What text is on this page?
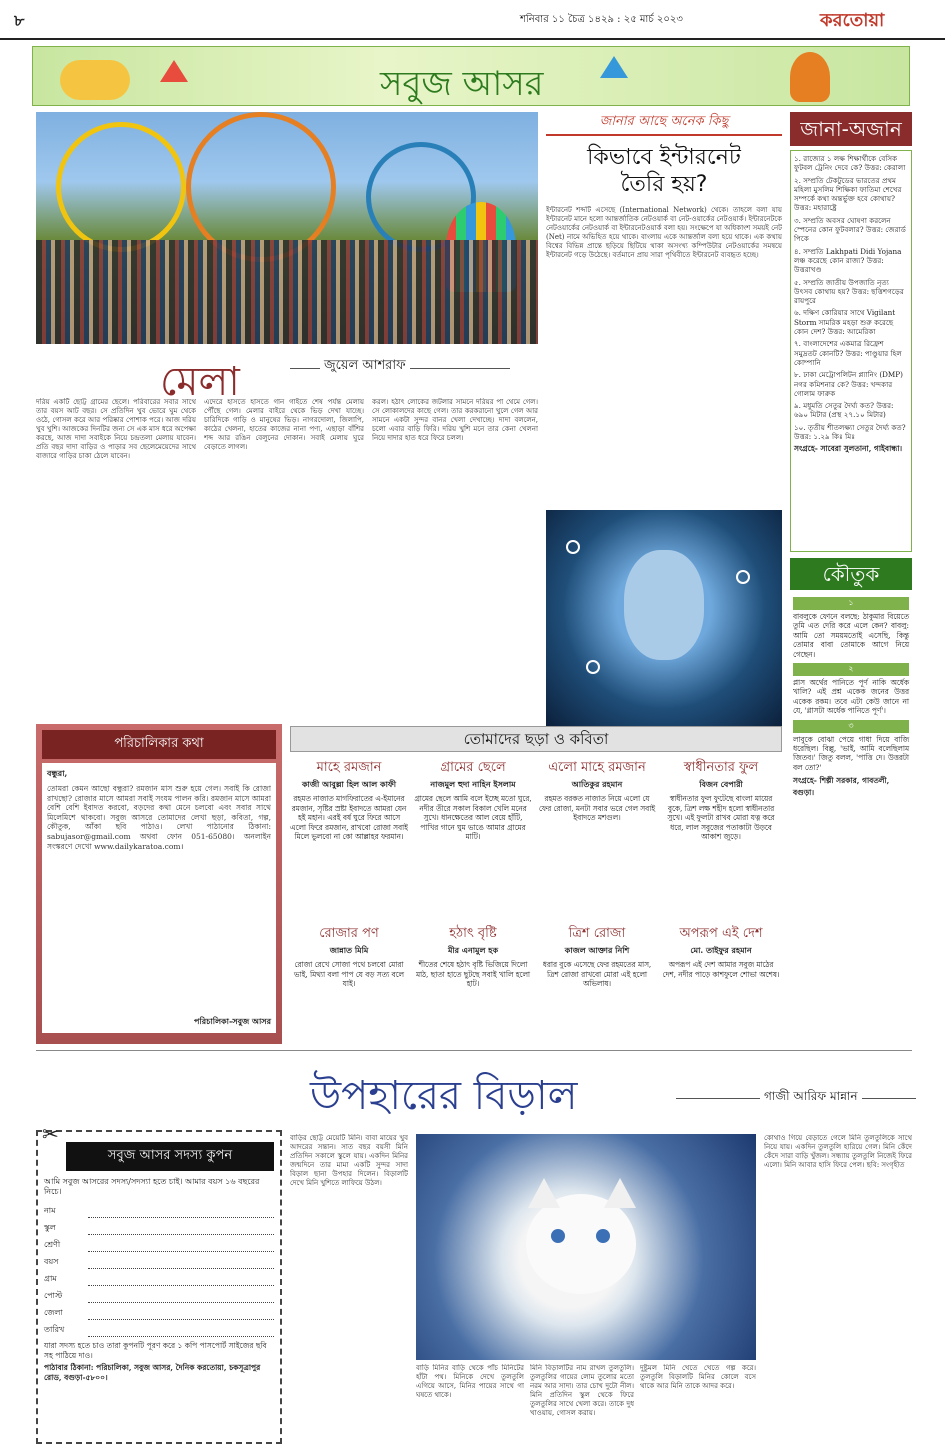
৮	শনিবার ১১ চৈত্র ১৪২৯ : ২৫ মার্চ ২০২৩	করতোয়া
সবুজ আসর
মেলা	জুয়েল আশরাফ
দরিয় একটি ছোট্ট গ্রামের ছেলে। পরিবারের সবার সাথে তার বয়স আট বছর। সে প্রতিদিন খুব ভোরে ঘুম থেকে ওঠে, গোসল করে আর পরিষ্কার পোশাক পরে। আজ দরিয় খুব খুশি। আজকের দিনটির জন্য সে এক মাস ধরে অপেক্ষা করছে, আজ দাদা সবাইকে নিয়ে চন্দ্রতলা মেলায় যাবেন। প্রতি বছর দাদা বাড়ির ও পাড়ার সব ছেলেমেয়েদের সাথে বাজারে গাড়ির চাকা ঠেলে যাবেন।
এদেরে হাসতে হাসতে গান গাইতে শেষ পর্যন্ত মেলায় পৌঁছে গেল। মেলার বাইরে থেকে ভিড় দেখা যাচ্ছে। চারিদিকে গাড়ি ও মানুষের ভিড়। নাগরদোলা, জিলাপি, কাঠের খেলনা, হাতের কাজের নানা পণ্য, এছাড়া বাঁশির শব্দ আর রঙিন বেলুনের দোকান। সবাই মেলায় ঘুরে বেড়াতে লাগল।
করল। হঠাৎ লোকের জটলার সামনে দরিয়র পা থেমে গেল। সে লোকালদের কাছে গেল। তার করকরানো খুলে গেল আর সামনে একটা সুন্দর বানর খেলা দেখাচ্ছে। দাদা বললেন, চলো এবার বাড়ি ফিরি। দরিয় খুশি মনে তার কেনা খেলনা নিয়ে দাদার হাত ধরে ফিরে চলল।
জানার আছে অনেক কিছু
কিভাবে ইন্টারনেট
তৈরি হয়?
ইন্টারনেট শব্দটি এসেছে (International Network) থেকে। তাহলে বলা যায় ইন্টারনেট মানে হলো আন্তর্জাতিক নেটওয়ার্ক বা নেট-ওয়ার্কের নেটওয়ার্ক। ইন্টারনেটকে নেটওয়ার্কের নেটওয়ার্ক বা ইন্টারনেটওয়ার্ক বলা হয়। সংক্ষেপে যা অধিকাংশ সময়ই নেট (Net) নামে অভিহিত হয়ে থাকে। বাংলায় একে আন্তর্জাল বলা হয়ে থাকে। এক কথায় বিশ্বের বিভিন্ন প্রান্তে ছড়িয়ে ছিটিয়ে থাকা অসংখ্য কম্পিউটার নেটওয়ার্কের সমন্বয়ে ইন্টারনেট গড়ে উঠেছে। বর্তমানে প্রায় সারা পৃথিবীতে ইন্টারনেট ব্যবহৃত হচ্ছে।
জানা-অজান
১. রাজ্যের ১ লক্ষ শিক্ষার্থীকে বেসিক ফুটবল ট্রেনিং দেবে কে? উত্তর: কেরালা
২. সম্প্রতি টেকটুডের ভারতের প্রথম মহিলা মুসলিম শিক্ষিকা ফাতিমা শেখের সম্পর্কে কথা অন্তর্ভুক্ত হবে কোথায়? উত্তর: মহারাষ্ট্রে
৩. সম্প্রতি অবসর ঘোষণা করলেন স্পেনের কোন ফুটবলার? উত্তর: জেরার্ড পিকে
৪. সম্প্রতি Lakhpati Didi Yojana লঞ্চ করেছে কোন রাজ্য? উত্তর: উত্তরাখণ্ড
৫. সম্প্রতি জাতীয় উপজাতি নৃত্য উৎসব কোথায় হয়? উত্তর: ছত্তিশগড়ের রায়পুরে
৬. দক্ষিণ কোরিয়ার সাথে Vigilant Storm সামরিক মহড়া শুরু করেছে কোন দেশ? উত্তর: আমেরিকা
৭. বাংলাদেশের একমাত্র রিফ্রেশ সমুদ্রতট কোনটি? উত্তর: পাণ্ডুয়ার হিল কোম্পানি
৮. ঢাকা মেট্রোপলিটন প্ল্যানিং (DMP) নগর কমিশনার কে? উত্তর: খন্দকার গোলাম ফারুক
৯. মধুমতি সেতুর দৈর্ঘ্য কত? উত্তর: ৬৯০ মিটার (প্রস্থ ২৭.১০ মিটার)
১০. তৃতীয় শীতলক্ষ্যা সেতুর দৈর্ঘ্য কত? উত্তর: ১.২৯ কিঃ মিঃ
সংগ্রহে- সাবেরা সুলতানা, গাইবান্ধা।
কৌতুক
১
বাবলুকে ফোনে বলছে: ঠাকুমার বিয়েতে তুমি এত দেরি করে এলে কেন? বাবলু: আমি তো সময়মতোই এসেছি, কিন্তু তোমার বাবা তোমাকে আগে নিয়ে গেছেন।
২
প্লাস অর্থের পানিতে পূর্ণ নাকি অর্ধেক খালি? এই প্রশ্ন একেক জনের উত্তর একেক রকম। তবে এটা কেউ জানে না যে, 'গ্লাসটা অর্ধেক পানিতে পূর্ণ'।
৩
লাবুকে বোঝা পেয়ে গাধা দিয়ে বাজি ধরেছিল। বিল্লু, 'ভাই, আমি বলেছিলাম জিতব।' জিতু বলল, 'পাত্তি দে। উত্তরটা বল তো?'
সংগ্রহে- শিল্পী সরকার, গাবতলী, বগুড়া।
পরিচালিকার কথা
বন্ধুরা,
তোমরা কেমন আছো বন্ধুরা? রমজান মাস শুরু হয়ে গেল। সবাই কি রোজা রাখছো? রোজার মাসে আমরা সবাই সংযম পালন করি। রমজান মাসে আমরা বেশি বেশি ইবাদত করবো, বড়দের কথা মেনে চলবো এবং সবার সাথে মিলেমিশে থাকবো। সবুজ আসরে তোমাদের লেখা ছড়া, কবিতা, গল্প, কৌতুক, আঁকা ছবি পাঠাও। লেখা পাঠানোর ঠিকানা: sabujasor@gmail.com অথবা ফোন 051-65080। অনলাইন সংস্করণে দেখো www.dailykaratoa.com।
পরিচালিকা-সবুজ আসর
তোমাদের ছড়া ও কবিতা
মাহে রমজান
কাজী আবুল্লা হিল আল কাফী
রহমত নাজাত মাগফিরাতের এ-ইমানের রমজান, সৃষ্টির স্রষ্টা ইবাদতে আমরা যেন হই মহান। এরই বর্ষ ঘুরে ফিরে আসে এলো ফিরে রমজান, রাখবো রোজা সবাই মিলে ভুলবো না কো আল্লাহর ফরমান।
রোজার পণ
জান্নাত মিমি
রোজা রেখে সোজা পথে চলবো মোরা ভাই, মিথ্যা বলা পাপ যে বড় সত্য বলে যাই।
গ্রামের ছেলে
নাজমুল হুদা নাহিন ইসলাম
গ্রামের ছেলে আমি বলে ইচ্ছে মতো ঘুরে, নদীর তীরে সকাল বিকাল খেলি মনের সুখে। ধানক্ষেতের আল বেয়ে হাঁটি, পাখির গানে ঘুম ভাঙে আমার গ্রামের মাটি।
হঠাৎ বৃষ্টি
মীর এনামুল হক
শীতের শেষে হঠাৎ বৃষ্টি ভিজিয়ে দিলো মাঠ, ছাতা হাতে ছুটছে সবাই খালি হলো হাট।
এলো মাহে রমজান
আতিকুর রহমান
রহমত বরকত নাজাত নিয়ে এলো যে ফের রোজা, মনটা সবার ভরে গেল সবাই ইবাদতে মশগুল।
ত্রিশ রোজা
কাজল আক্তার নিশি
ধরার বুকে এসেছে ফের রহমতের মাস, ত্রিশ রোজা রাখবো মোরা এই হলো অভিলাষ।
স্বাধীনতার ফুল
বিজন বেপারী
স্বাধীনতার ফুল ফুটেছে বাংলা মায়ের বুকে, ত্রিশ লক্ষ শহীদ হলো স্বাধীনতার সুখে। এই ফুলটা রাখব মোরা যত্ন করে ধরে, লাল সবুজের পতাকাটা উড়বে আকাশ জুড়ে।
অপরূপ এই দেশ
মো. তাইফুর রহমান
অপরূপ এই দেশ আমার সবুজ মাঠের দেশ, নদীর পাড়ে কাশফুলে শোভা অশেষ।
উপহারের বিড়াল	গাজী আরিফ মান্নান
✂
সবুজ আসর সদস্য কুপন
আমি সবুজ আসরের সদস্য/সদস্যা হতে চাই। আমার বয়স ১৬ বছরের নিচে।
নাম
স্কুল
শ্রেণী
বয়স
গ্রাম
পোস্ট
জেলা
তারিখ
যারা সদস্য হতে চাও তারা কুপনটি পূরণ করে ১ কপি পাসপোর্ট সাইজের ছবি সহ পাঠিয়ে দাও।
পাঠাবার ঠিকানা: পরিচালিকা, সবুজ আসর, দৈনিক করতোয়া, চকসূত্রাপুর রোড, বগুড়া-৫৮০০।
বাড়ির ছোট্ট মেয়েটি মিনি। বাবা মায়ের খুব আদরের সন্তান। সাত বছর বয়সী মিনি প্রতিদিন সকালে স্কুলে যায়। একদিন মিনির জন্মদিনে তার মামা একটি সুন্দর সাদা বিড়াল ছানা উপহার দিলেন। বিড়ালটি দেখে মিনি খুশিতে লাফিয়ে উঠল।
বাড়ি মিনির বাড়ি থেকে পাঁচ মিনিটের হাঁটা পথ। মিনিকে দেখে তুলতুলি এগিয়ে আসে, মিনির পায়ের সাথে গা ঘষতে থাকে।
মিনি বিড়ালটির নাম রাখল তুলতুলি। তুলতুলির গায়ের লোম তুলোর মতো নরম আর সাদা। তার চোখ দুটো নীল। মিনি প্রতিদিন স্কুল থেকে ফিরে তুলতুলির সাথে খেলা করে। তাকে দুধ খাওয়ায়, গোসল করায়।
দুষ্টুমল মিনি খেতে খেতে গল্প করে। তুলতুলি বিড়ালটি মিনির কোলে বসে থাকে আর মিনি তাকে আদর করে।
কোথাও গিয়ে বেড়াতে গেলে মিনি তুলতুলিকে সাথে নিয়ে যায়। একদিন তুলতুলি হারিয়ে গেল। মিনি কেঁদে কেঁদে সারা বাড়ি খুঁজল। সন্ধ্যায় তুলতুলি নিজেই ফিরে এলো। মিনি আবার হাসি ফিরে পেল। ছবি: সংগৃহীত
